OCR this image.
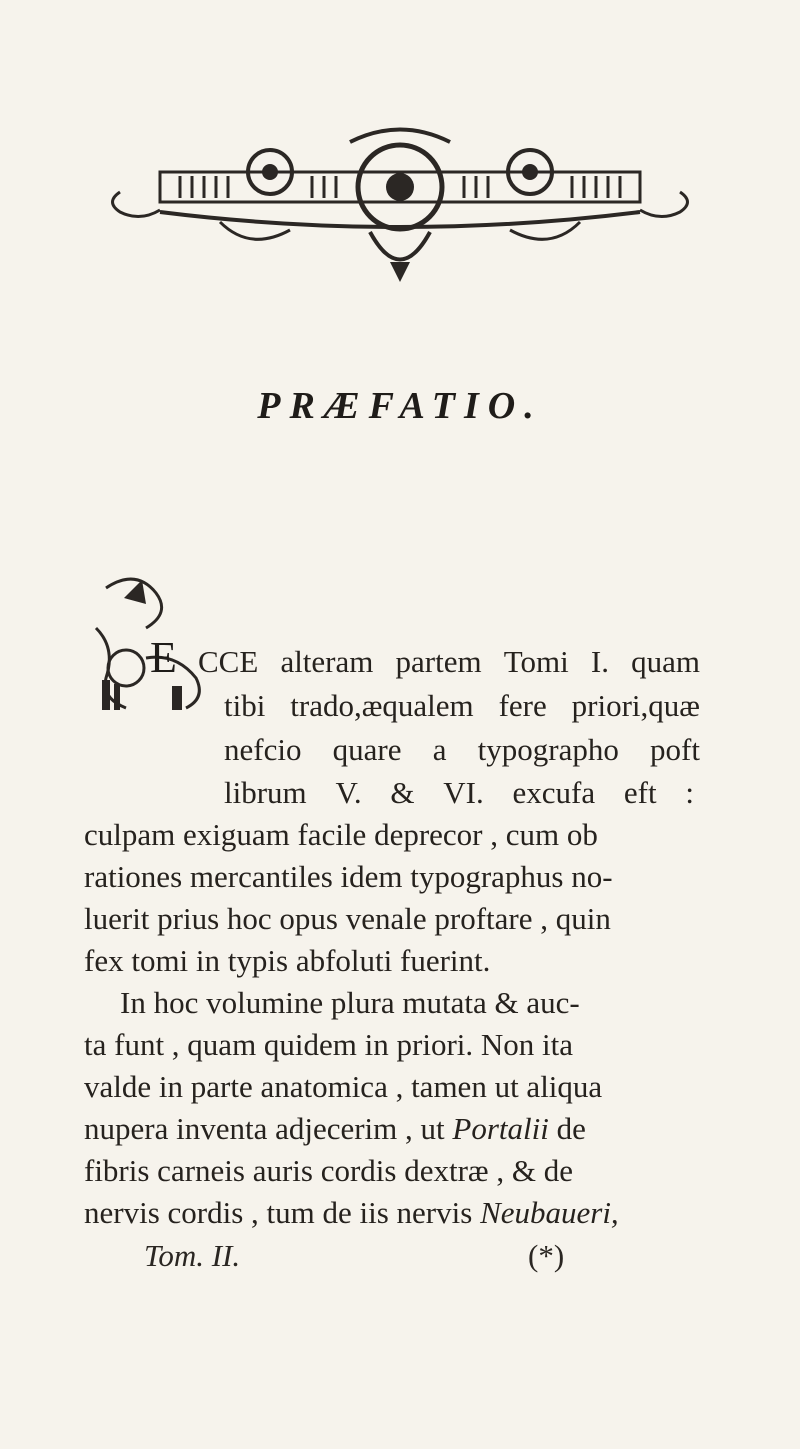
PRÆFATIO.
E CCE alteram partem Tomi I. quam
tibi trado,æqualem fere priori,quæ
nefcio quare a typographo poft
librum V. & VI. excufa eft :
culpam exiguam facile deprecor , cum ob
rationes mercantiles idem typographus no-
luerit prius hoc opus venale proftare , quin
fex tomi in typis abfoluti fuerint.
In hoc volumine plura mutata & auc-
ta funt , quam quidem in priori. Non ita
valde in parte anatomica , tamen ut aliqua
nupera inventa adjecerim , ut Portalii de
fibris carneis auris cordis dextræ , & de
nervis cordis , tum de iis nervis Neubaueri,
Tom. II.	(*)
